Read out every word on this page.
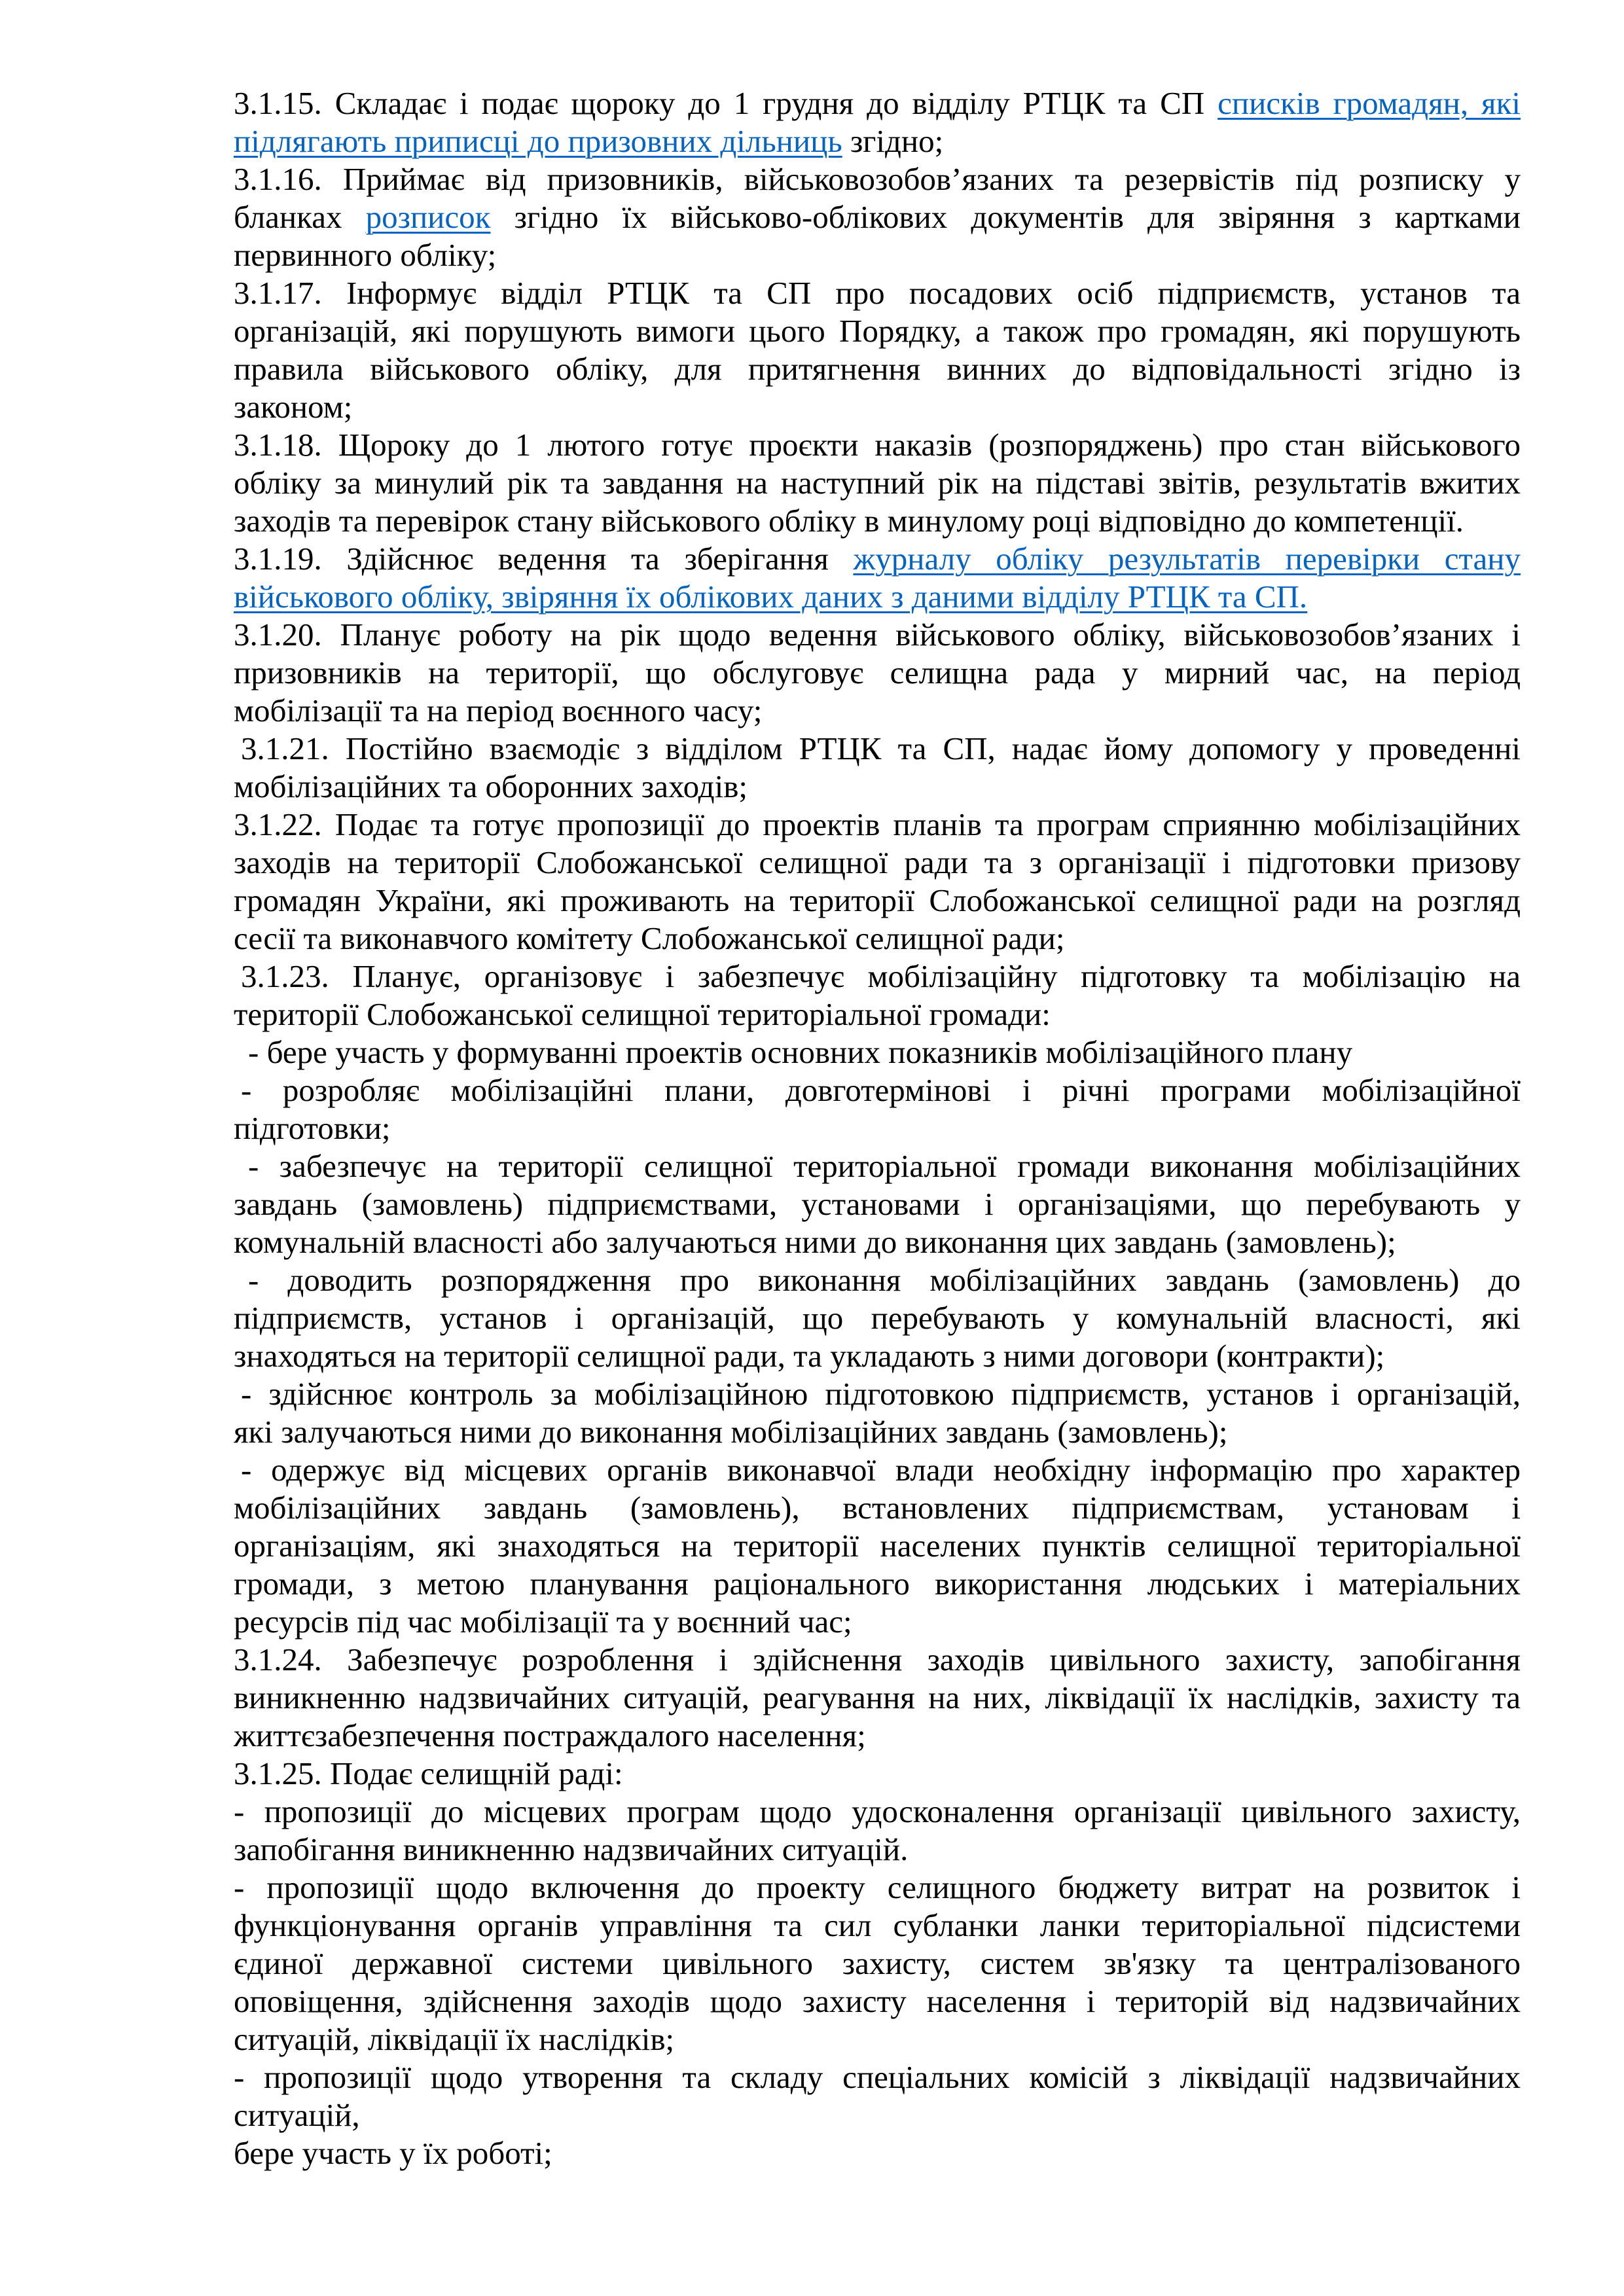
3.1.15. Складає і подає щороку до 1 грудня до відділу РТЦК та СП списків громадян, які
підлягають приписці до призовних дільниць згідно;
3.1.16. Приймає від призовників, військовозобов’язаних та резервістів під розписку у
бланках розписок згідно їх військово-облікових документів для звіряння з картками
первинного обліку;
3.1.17. Інформує відділ РТЦК та СП про посадових осіб підприємств, установ та
організацій, які порушують вимоги цього Порядку, а також про громадян, які порушують
правила військового обліку, для притягнення винних до відповідальності згідно із
законом;
3.1.18. Щороку до 1 лютого готує проєкти наказів (розпоряджень) про стан військового
обліку за минулий рік та завдання на наступний рік на підставі звітів, результатів вжитих
заходів та перевірок стану військового обліку в минулому році відповідно до компетенції.
3.1.19. Здійснює ведення та зберігання журналу обліку результатів перевірки стану
військового обліку, звіряння їх облікових даних з даними відділу РТЦК та СП.
3.1.20. Планує роботу на рік щодо ведення військового обліку, військовозобов’язаних і
призовників на території, що обслуговує селищна рада у мирний час, на період
мобілізації та на період воєнного часу;
3.1.21. Постійно взаємодіє з відділом РТЦК та СП, надає йому допомогу у проведенні
мобілізаційних та оборонних заходів;
3.1.22. Подає та готує пропозиції до проектів планів та програм сприянню мобілізаційних
заходів на території Слобожанської селищної ради та з організації і підготовки призову
громадян України, які проживають на території Слобожанської селищної ради на розгляд
сесії та виконавчого комітету Слобожанської селищної ради;
3.1.23. Планує, організовує і забезпечує мобілізаційну підготовку та мобілізацію на
території Слобожанської селищної територіальної громади:
- бере участь у формуванні проектів основних показників мобілізаційного плану
- розробляє мобілізаційні плани, довготермінові і річні програми мобілізаційної
підготовки;
- забезпечує на території селищної територіальної громади виконання мобілізаційних
завдань (замовлень) підприємствами, установами і організаціями, що перебувають у
комунальній власності або залучаються ними до виконання цих завдань (замовлень);
- доводить розпорядження про виконання мобілізаційних завдань (замовлень) до
підприємств, установ і організацій, що перебувають у комунальній власності, які
знаходяться на території селищної ради, та укладають з ними договори (контракти);
- здійснює контроль за мобілізаційною підготовкою підприємств, установ і організацій,
які залучаються ними до виконання мобілізаційних завдань (замовлень);
- одержує від місцевих органів виконавчої влади необхідну інформацію про характер
мобілізаційних завдань (замовлень), встановлених підприємствам, установам і
організаціям, які знаходяться на території населених пунктів селищної територіальної
громади, з метою планування раціонального використання людських і матеріальних
ресурсів під час мобілізації та у воєнний час;
3.1.24. Забезпечує розроблення і здійснення заходів цивільного захисту, запобігання
виникненню надзвичайних ситуацій, реагування на них, ліквідації їх наслідків, захисту та
життєзабезпечення постраждалого населення;
3.1.25. Подає селищній раді:
- пропозиції до місцевих програм щодо удосконалення організації цивільного захисту,
запобігання виникненню надзвичайних ситуацій.
- пропозиції щодо включення до проекту селищного бюджету витрат на розвиток і
функціонування органів управління та сил субланки ланки територіальної підсистеми
єдиної державної системи цивільного захисту, систем зв'язку та централізованого
оповіщення, здійснення заходів щодо захисту населення і територій від надзвичайних
ситуацій, ліквідації їх наслідків;
- пропозиції щодо утворення та складу спеціальних комісій з ліквідації надзвичайних
ситуацій,
бере участь у їх роботі;
